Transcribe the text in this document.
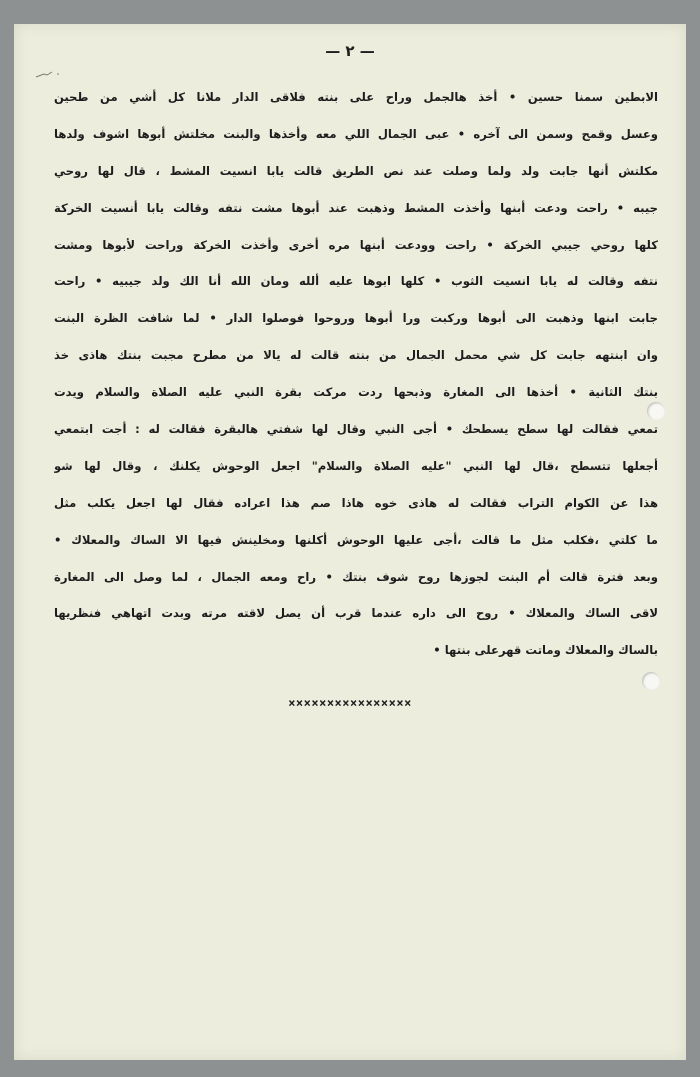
— ٢ —
الابطين سمنا حسين • أخذ هالجمل وراح على بنته فلاقى الدار ملانا كل أشي من طحين
وعسل وقمح وسمن الى آخره • عبى الجمال اللي معه وأخذها والبنت مخلتش أبوها اشوف ولدها
مكلتش أنها جابت ولد ولما وصلت عند نص الطريق قالت يابا انسيت المشط ، قال لها روحي
جيبه • راحت ودعت أبنها وأخذت المشط وذهبت عند أبوها مشت نتفه وقالت يابا أنسيت الخركة
كلها روحي جيبي الخركة • راحت وودعت أبنها مره أخرى وأخذت الخركة وراحت لأبوها ومشت
نتفه وقالت له يابا انسيت الثوب • كلها ابوها عليه ألله ومان الله أنا الك ولد جيبيه • راحت
جابت ابنها وذهبت الى أبوها وركبت ورا أبوها وروحوا فوصلوا الدار • لما شافت الظرة البنت
وان ابنتهه جابت كل شي محمل الجمال من بنته قالت له يالا من مطرح مجبت بنتك هاذى خذ
بنتك الثانية • أخذها الى المغارة وذبحها ردت مركت بقرة النبي عليه الصلاة والسلام ويدت
تمعي فقالت لها سطح يسطحك • أجى النبي وقال لها شفتي هالبقرة فقالت له : أجت ابتمعي
أجعلها تتسطح ،قال لها النبي "عليه الصلاة والسلام" اجعل الوحوش يكلنك ، وقال لها شو
هذا عن الكوام التراب فقالت له هاذى خوه هاذا صم هذا اعراده فقال لها اجعل يكلب مثل
ما كلتي ،فكلب مثل ما قالت ،أجى عليها الوحوش أكلنها ومخلينش فيها الا الساك والمعلاك •
وبعد فترة قالت أم البنت لجوزها روح شوف بنتك • راح ومعه الجمال ، لما وصل الى المغارة
لاقى الساك والمعلاك • روح الى داره عندما قرب أن يصل لاقته مرته وبدت اتهاهي فنظريها
بالساك والمعلاك وماتت قهرعلى بنتها •
××××××××××××××××
